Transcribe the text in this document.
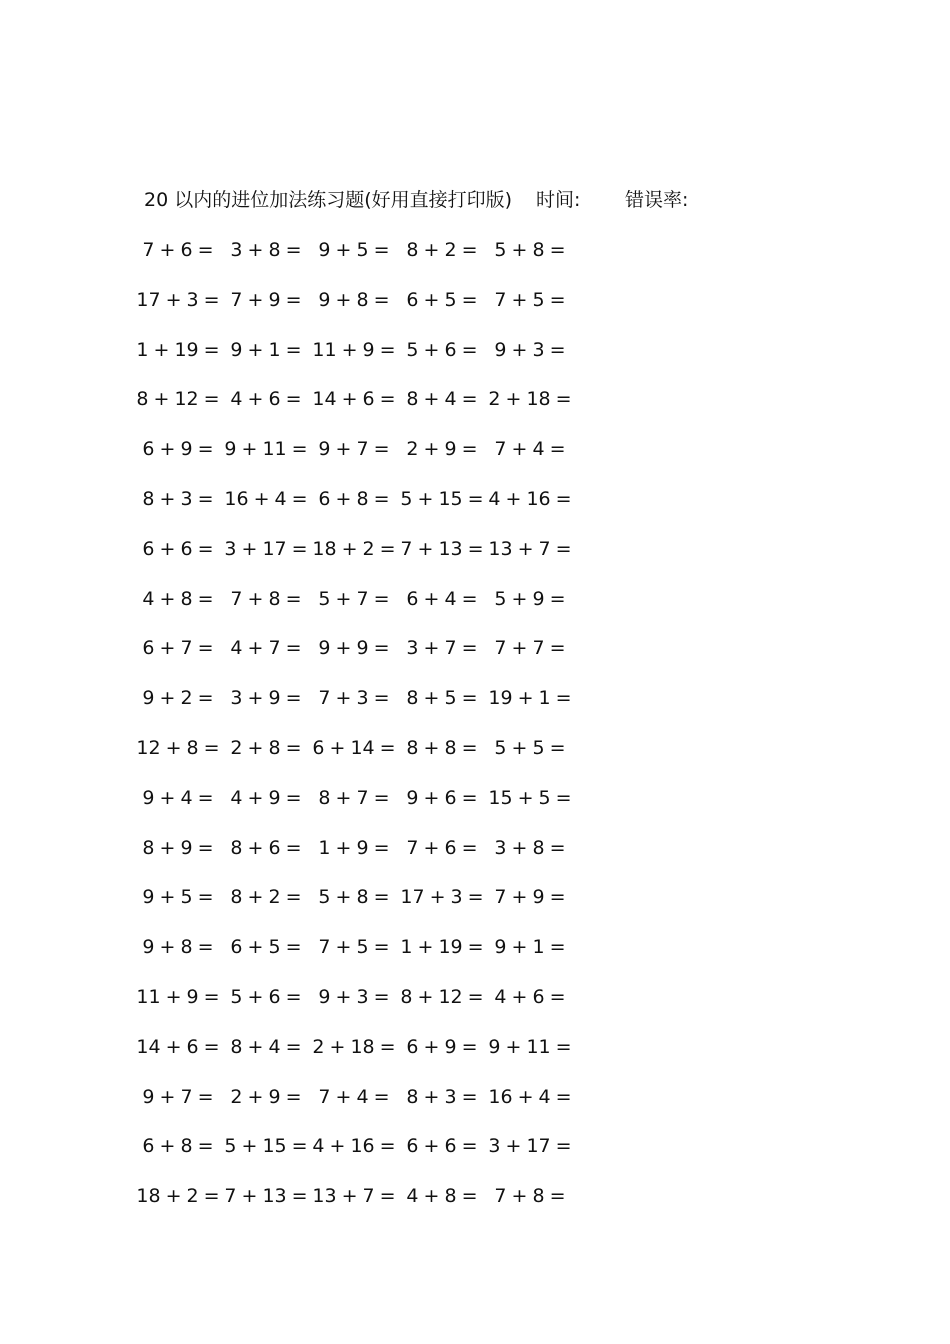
20 以内的进位加法练习题(好用直接打印版) 时间: 错误率:
7 + 6 = 3 + 8 = 9 + 5 = 8 + 2 = 5 + 8 =
17 + 3 = 7 + 9 = 9 + 8 = 6 + 5 = 7 + 5 =
1 + 19 = 9 + 1 = 11 + 9 = 5 + 6 = 9 + 3 =
8 + 12 = 4 + 6 = 14 + 6 = 8 + 4 = 2 + 18 =
6 + 9 = 9 + 11 = 9 + 7 = 2 + 9 = 7 + 4 =
8 + 3 = 16 + 4 = 6 + 8 = 5 + 15 = 4 + 16 =
6 + 6 = 3 + 17 = 18 + 2 = 7 + 13 = 13 + 7 =
4 + 8 = 7 + 8 = 5 + 7 = 6 + 4 = 5 + 9 =
6 + 7 = 4 + 7 = 9 + 9 = 3 + 7 = 7 + 7 =
9 + 2 = 3 + 9 = 7 + 3 = 8 + 5 = 19 + 1 =
12 + 8 = 2 + 8 = 6 + 14 = 8 + 8 = 5 + 5 =
9 + 4 = 4 + 9 = 8 + 7 = 9 + 6 = 15 + 5 =
8 + 9 = 8 + 6 = 1 + 9 = 7 + 6 = 3 + 8 =
9 + 5 = 8 + 2 = 5 + 8 = 17 + 3 = 7 + 9 =
9 + 8 = 6 + 5 = 7 + 5 = 1 + 19 = 9 + 1 =
11 + 9 = 5 + 6 = 9 + 3 = 8 + 12 = 4 + 6 =
14 + 6 = 8 + 4 = 2 + 18 = 6 + 9 = 9 + 11 =
9 + 7 = 2 + 9 = 7 + 4 = 8 + 3 = 16 + 4 =
6 + 8 = 5 + 15 = 4 + 16 = 6 + 6 = 3 + 17 =
18 + 2 = 7 + 13 = 13 + 7 = 4 + 8 = 7 + 8 =
